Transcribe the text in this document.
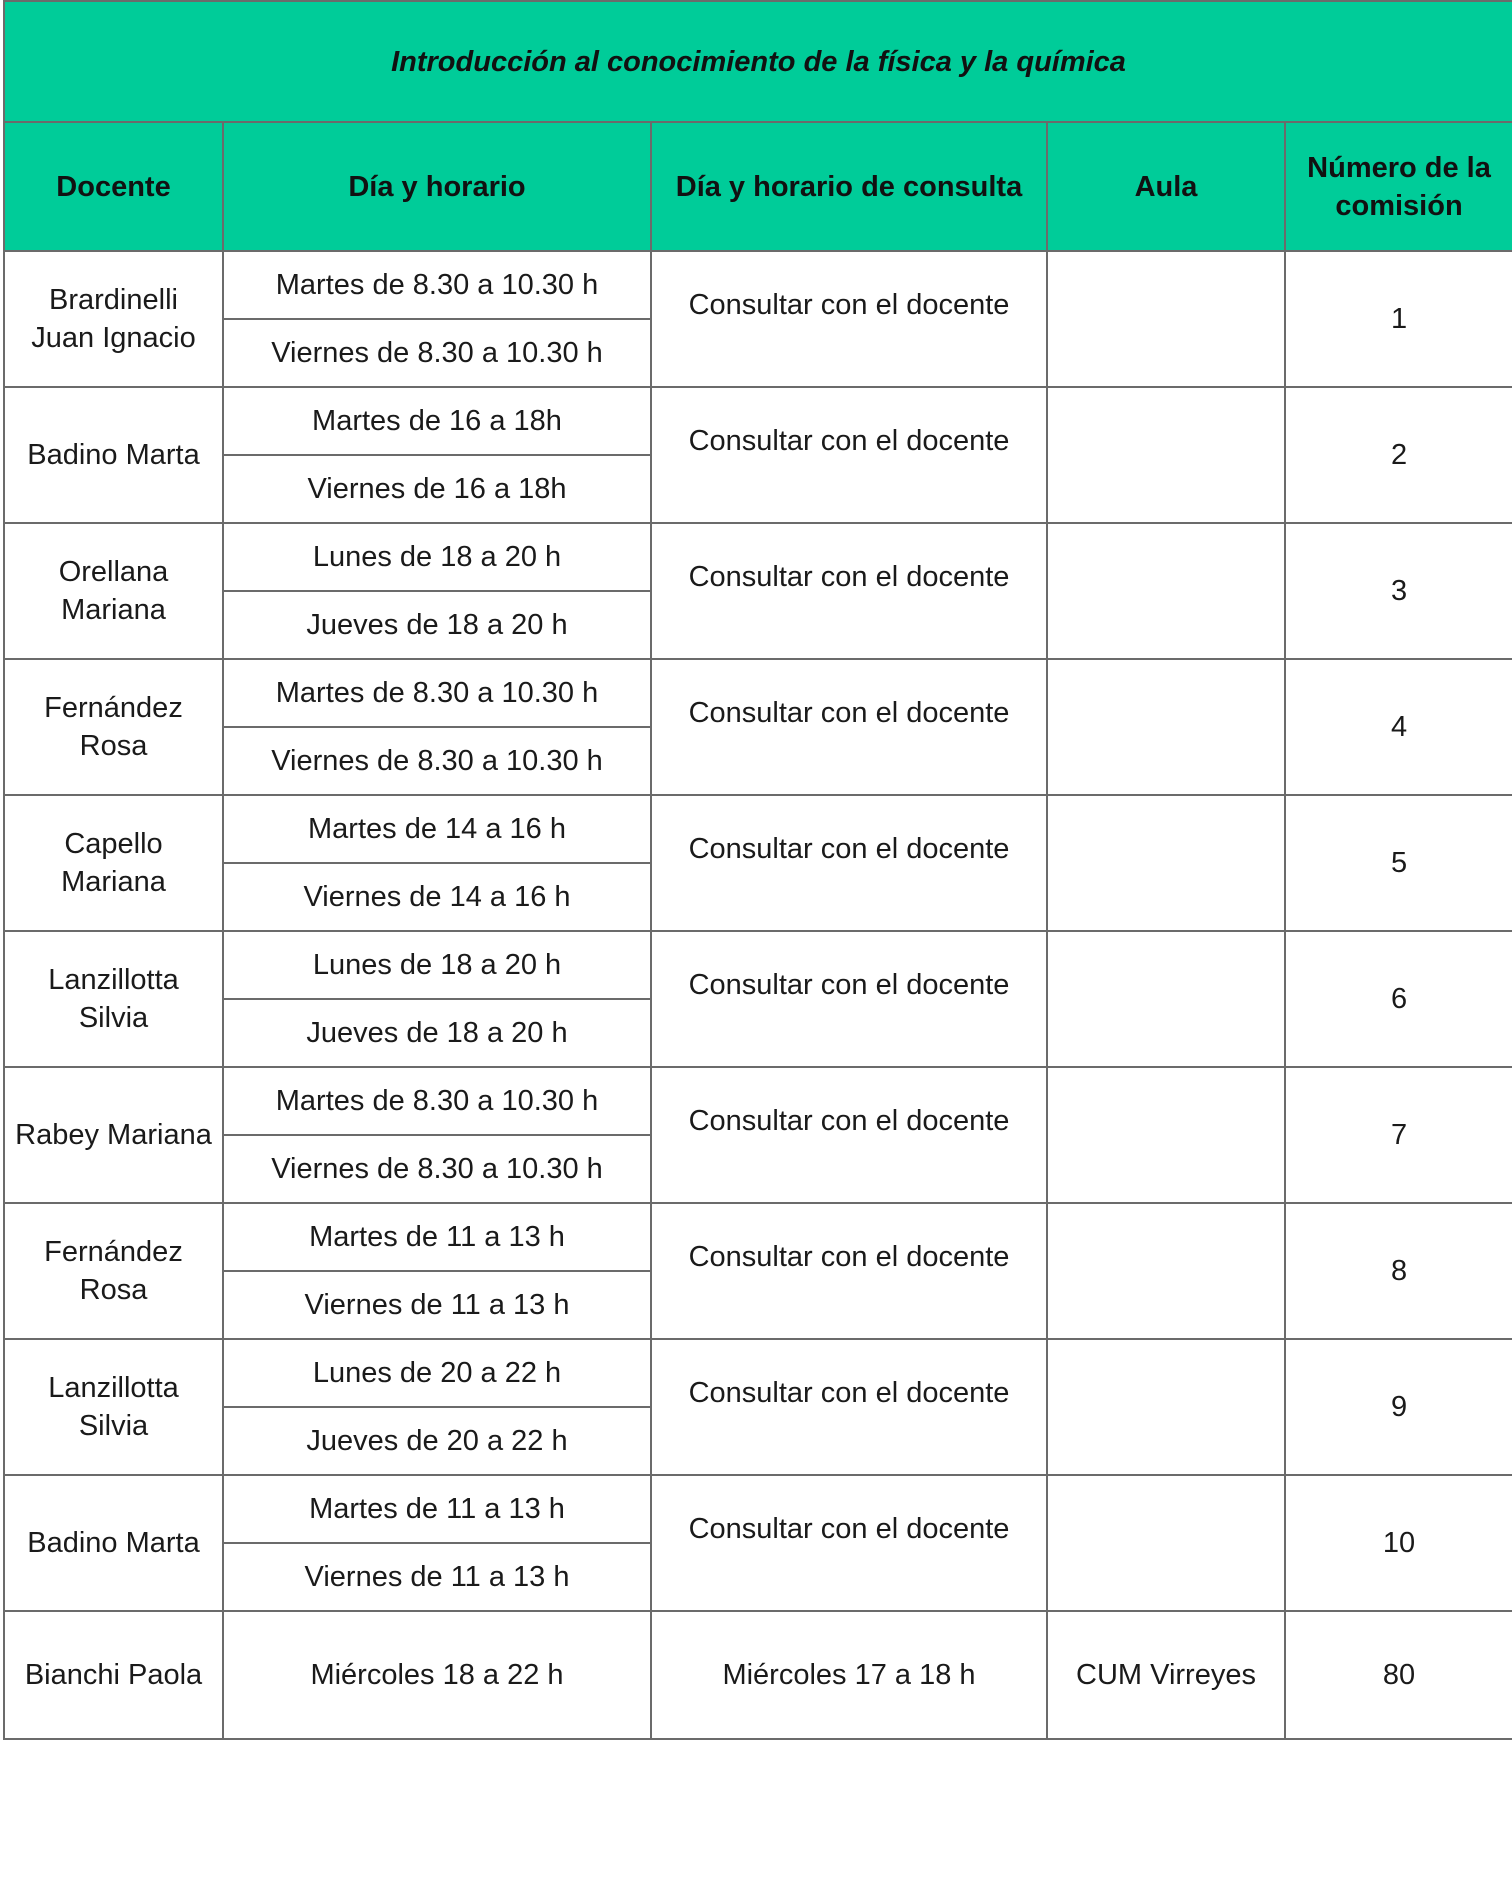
Introducción al conocimiento de la física y la química				
Docente	Día y horario	Día y horario de consulta	Aula	Número de la comisión
Brardinelli Juan Ignacio	Martes de 8.30 a 10.30 h	Consultar con el docente		1
	Viernes de 8.30 a 10.30 h			
Badino Marta	Martes de 16 a 18h	Consultar con el docente		2
	Viernes de 16 a 18h			
Orellana Mariana	Lunes de 18 a 20 h	Consultar con el docente		3
	Jueves de 18 a 20 h			
Fernández Rosa	Martes de 8.30 a 10.30 h	Consultar con el docente		4
	Viernes de 8.30 a 10.30 h			
Capello Mariana	Martes de 14 a 16 h	Consultar con el docente		5
	Viernes de 14 a 16 h			
Lanzillotta Silvia	Lunes de 18 a 20 h	Consultar con el docente		6
	Jueves de 18 a 20 h			
Rabey Mariana	Martes de 8.30 a 10.30 h	Consultar con el docente		7
	Viernes de 8.30 a 10.30 h			
Fernández Rosa	Martes de 11 a 13 h	Consultar con el docente		8
	Viernes de 11 a 13 h			
Lanzillotta Silvia	Lunes de 20 a 22 h	Consultar con el docente		9
	Jueves de 20 a 22 h			
Badino Marta	Martes de 11 a 13 h	Consultar con el docente		10
	Viernes de 11 a 13 h			
Bianchi Paola	Miércoles 18 a 22 h	Miércoles 17 a 18 h	CUM Virreyes	80
